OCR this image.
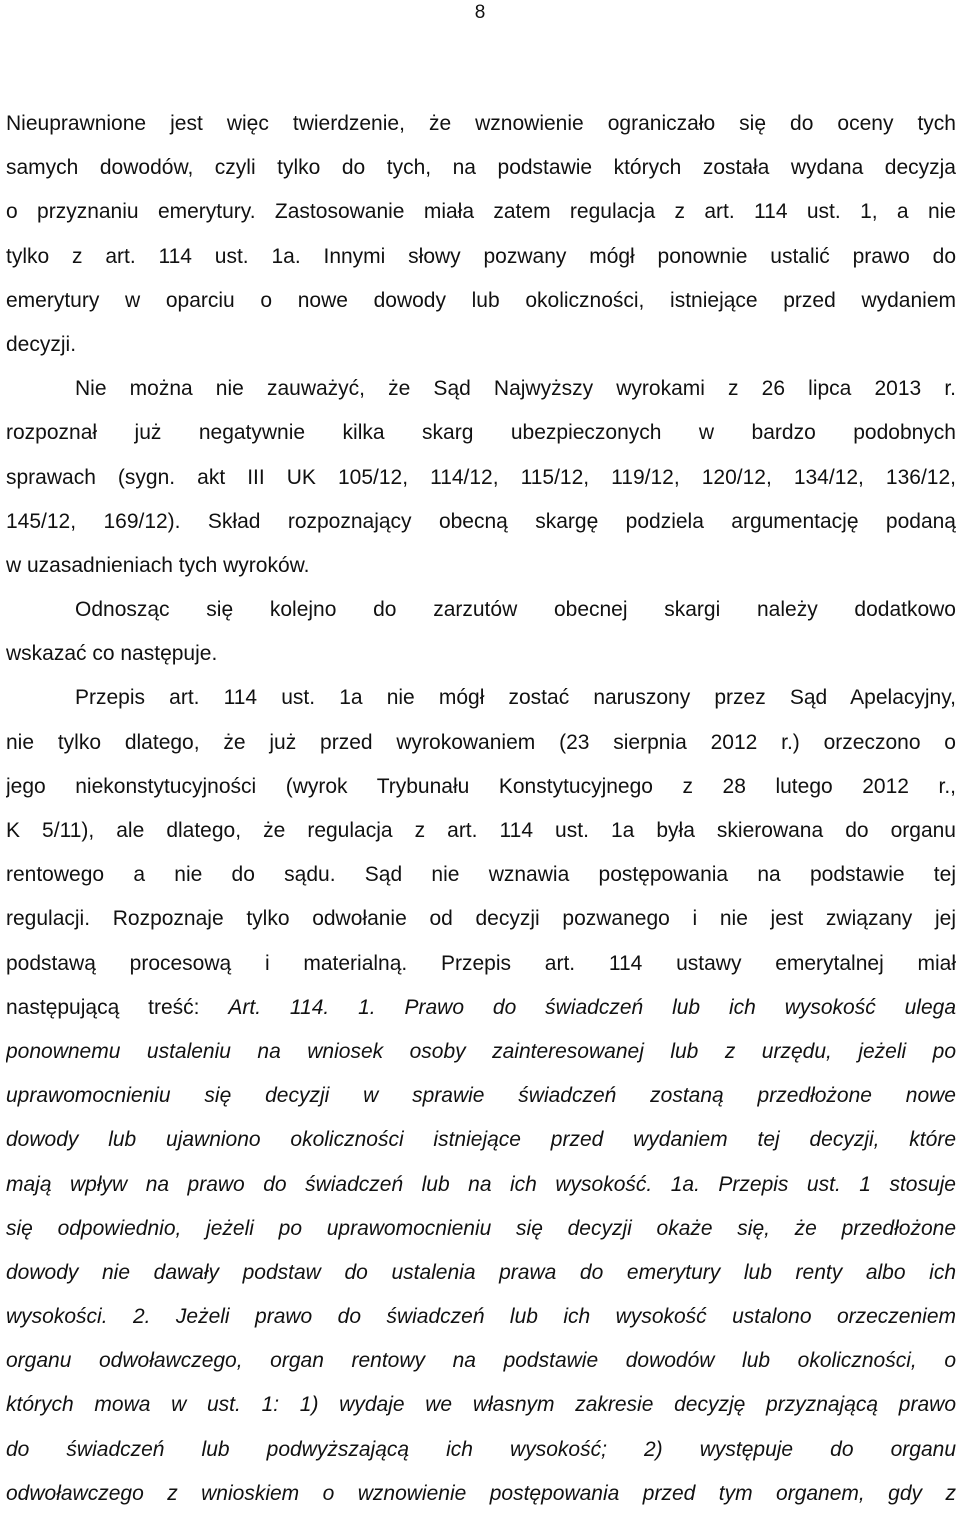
8
Nieuprawnione jest więc twierdzenie, że wznowienie ograniczało się do oceny tych
samych dowodów, czyli tylko do tych, na podstawie których została wydana decyzja
o przyznaniu emerytury. Zastosowanie miała zatem regulacja z art. 114 ust. 1, a nie
tylko z art. 114 ust. 1a. Innymi słowy pozwany mógł ponownie ustalić prawo do
emerytury w oparciu o nowe dowody lub okoliczności, istniejące przed wydaniem
decyzji.
Nie można nie zauważyć, że Sąd Najwyższy wyrokami z 26 lipca 2013 r.
rozpoznał już negatywnie kilka skarg ubezpieczonych w bardzo podobnych
sprawach (sygn. akt III UK 105/12, 114/12, 115/12, 119/12, 120/12, 134/12, 136/12,
145/12, 169/12). Skład rozpoznający obecną skargę podziela argumentację podaną
w uzasadnieniach tych wyroków.
Odnosząc się kolejno do zarzutów obecnej skargi należy dodatkowo
wskazać co następuje.
Przepis art. 114 ust. 1a nie mógł zostać naruszony przez Sąd Apelacyjny,
nie tylko dlatego, że już przed wyrokowaniem (23 sierpnia 2012 r.) orzeczono o
jego niekonstytucyjności (wyrok Trybunału Konstytucyjnego z 28 lutego 2012 r.,
K 5/11), ale dlatego, że regulacja z art. 114 ust. 1a była skierowana do organu
rentowego a nie do sądu. Sąd nie wznawia postępowania na podstawie tej
regulacji. Rozpoznaje tylko odwołanie od decyzji pozwanego i nie jest związany jej
podstawą procesową i materialną. Przepis art. 114 ustawy emerytalnej miał
następującą treść: Art. 114. 1. Prawo do świadczeń lub ich wysokość ulega
ponownemu ustaleniu na wniosek osoby zainteresowanej lub z urzędu, jeżeli po
uprawomocnieniu się decyzji w sprawie świadczeń zostaną przedłożone nowe
dowody lub ujawniono okoliczności istniejące przed wydaniem tej decyzji, które
mają wpływ na prawo do świadczeń lub na ich wysokość. 1a. Przepis ust. 1 stosuje
się odpowiednio, jeżeli po uprawomocnieniu się decyzji okaże się, że przedłożone
dowody nie dawały podstaw do ustalenia prawa do emerytury lub renty albo ich
wysokości. 2. Jeżeli prawo do świadczeń lub ich wysokość ustalono orzeczeniem
organu odwoławczego, organ rentowy na podstawie dowodów lub okoliczności, o
których mowa w ust. 1: 1) wydaje we własnym zakresie decyzję przyznającą prawo
do świadczeń lub podwyższającą ich wysokość; 2) występuje do organu
odwoławczego z wnioskiem o wznowienie postępowania przed tym organem, gdy z
